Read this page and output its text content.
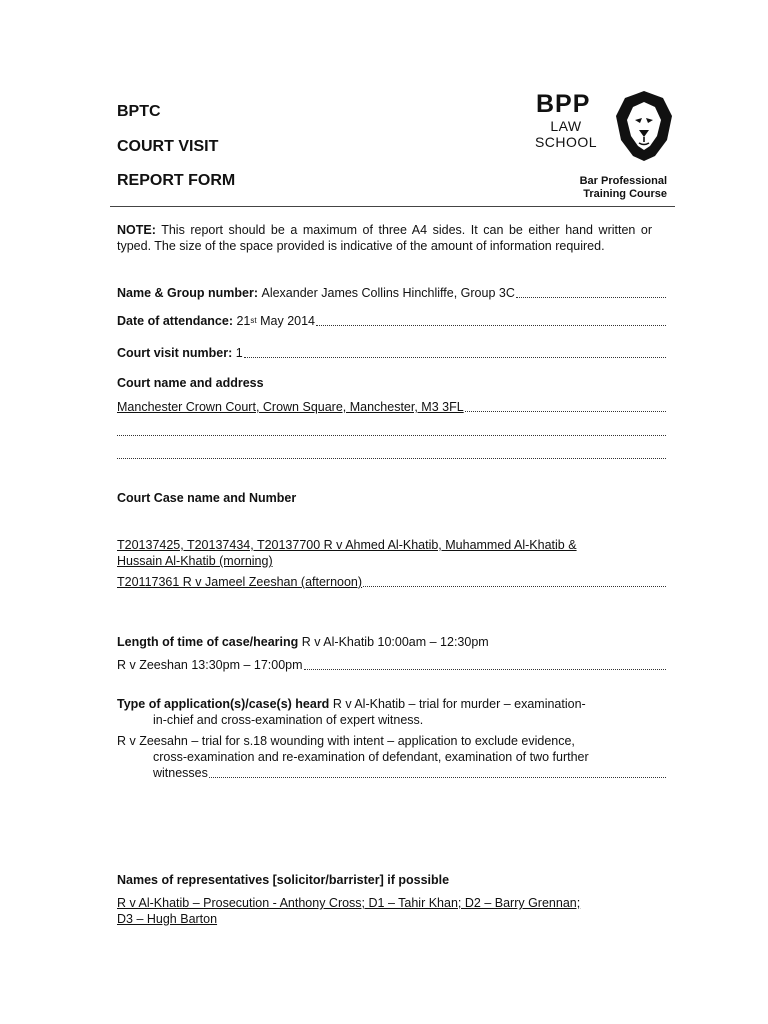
BPTC
COURT VISIT
REPORT FORM
BPP
LAW
SCHOOL
Bar Professional
Training Course
NOTE: This report should be a maximum of three A4 sides. It can be either hand written or typed. The size of the space provided is indicative of the amount of information required.
Name & Group number:
Alexander James Collins Hinchliffe, Group 3C
Date of attendance:
21 st
May 2014
Court visit number:
1
Court name and address
Manchester Crown Court, Crown Square, Manchester, M3 3FL
Court Case name and Number
T20137425, T20137434, T20137700 R v Ahmed Al-Khatib, Muhammed Al-Khatib &
Hussain Al-Khatib (morning)
T20117361 R v Jameel Zeeshan (afternoon)
Length of time of case/hearing
R v Al-Khatib 10:00am – 12:30pm
R v Zeeshan 13:30pm – 17:00pm
Type of application(s)/case(s) heard R v Al-Khatib – trial for murder – examination-
in-chief and cross-examination of expert witness.
R v Zeesahn – trial for s.18 wounding with intent – application to exclude evidence,
cross-examination and re-examination of defendant, examination of two further
witnesses
Names of representatives [solicitor/barrister] if possible
R v Al-Khatib – Prosecution - Anthony Cross; D1 – Tahir Khan; D2 – Barry Grennan;
D3 – Hugh Barton
